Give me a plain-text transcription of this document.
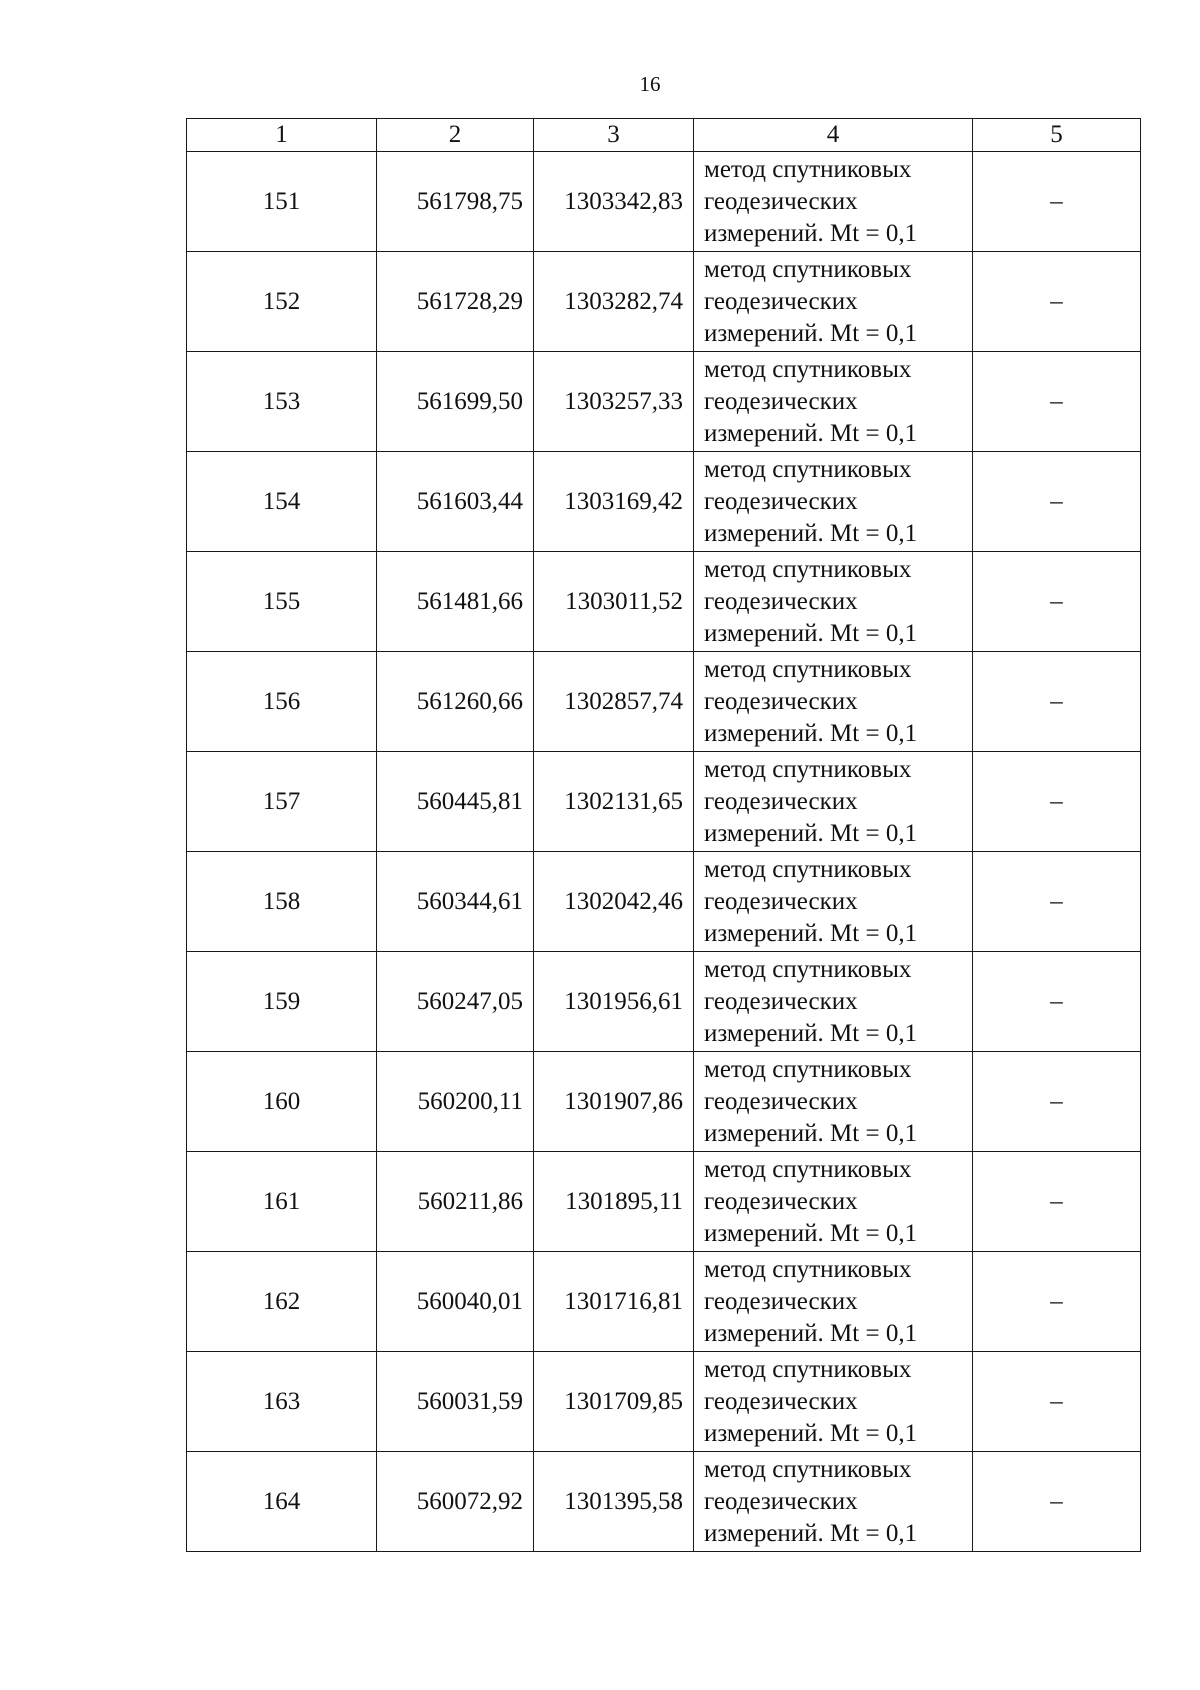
16
1	2	3	4	5
151	561798,75	1303342,83	метод спутниковых
геодезических
измерений. Mt = 0,1	–
152	561728,29	1303282,74	метод спутниковых
геодезических
измерений. Mt = 0,1	–
153	561699,50	1303257,33	метод спутниковых
геодезических
измерений. Mt = 0,1	–
154	561603,44	1303169,42	метод спутниковых
геодезических
измерений. Mt = 0,1	–
155	561481,66	1303011,52	метод спутниковых
геодезических
измерений. Mt = 0,1	–
156	561260,66	1302857,74	метод спутниковых
геодезических
измерений. Mt = 0,1	–
157	560445,81	1302131,65	метод спутниковых
геодезических
измерений. Mt = 0,1	–
158	560344,61	1302042,46	метод спутниковых
геодезических
измерений. Mt = 0,1	–
159	560247,05	1301956,61	метод спутниковых
геодезических
измерений. Mt = 0,1	–
160	560200,11	1301907,86	метод спутниковых
геодезических
измерений. Mt = 0,1	–
161	560211,86	1301895,11	метод спутниковых
геодезических
измерений. Mt = 0,1	–
162	560040,01	1301716,81	метод спутниковых
геодезических
измерений. Mt = 0,1	–
163	560031,59	1301709,85	метод спутниковых
геодезических
измерений. Mt = 0,1	–
164	560072,92	1301395,58	метод спутниковых
геодезических
измерений. Mt = 0,1	–
